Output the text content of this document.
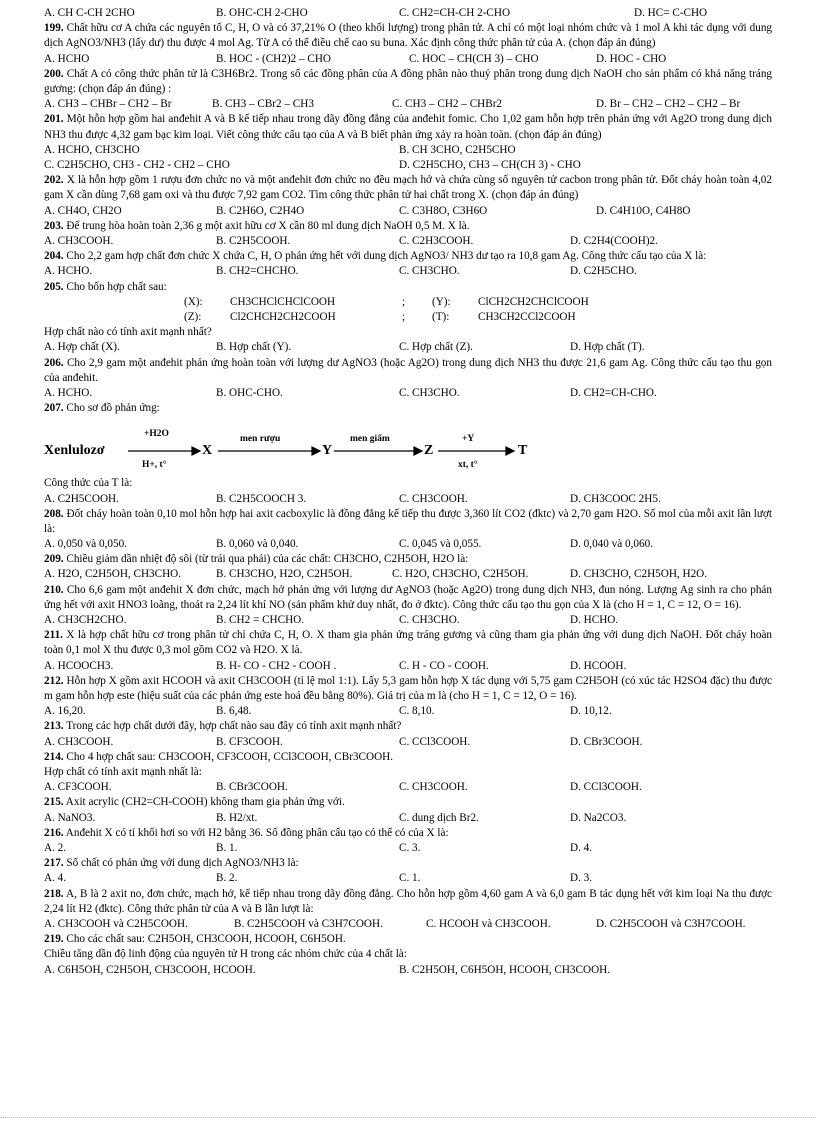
A. CH C-CH 2CHO	B. OHC-CH 2-CHO	C. CH2=CH-CH 2-CHO	D. HC= C-CHO

199. Chất hữu cơ A chứa các nguyên tố C, H, O và có 37,21% O (theo khối lượng) trong phân tử. A chỉ có một loại nhóm chức và 1 mol A khi tác dụng với dung dịch AgNO3/NH3 (lấy dư) thu được 4 mol Ag. Từ A có thể điều chế cao su buna. Xác định công thức phân tử của A. (chọn đáp án đúng)

A. HCHO	B. HOC - (CH2)2 – CHO	C. HOC – CH(CH 3) – CHO	D. HOC - CHO

200. Chất A có công thức phân tử là C3H6Br2. Trong số các đồng phân của A đồng phân nào thuỷ phân trong dung dịch NaOH cho sản phẩm có khả năng tráng gương: (chọn đáp án đúng) :

A. CH3 – CHBr – CH2 – Br	B. CH3 – CBr2 – CH3	C. CH3 – CH2 – CHBr2	D. Br – CH2 – CH2 – CH2 – Br

201. Một hỗn hợp gồm hai anđehit A và B kế tiếp nhau trong dãy đồng đẳng của anđehit fomic. Cho 1,02 gam hỗn hợp trên phản ứng với Ag2O trong dung dịch NH3 thu được 4,32 gam bạc kim loại. Viết công thức cấu tạo của A và B biết phản ứng xảy ra hoàn toàn. (chọn đáp án đúng)

A. HCHO, CH3CHO	B. CH 3CHO, C2H5CHO
C. C2H5CHO, CH3 - CH2 - CH2 – CHO	D. C2H5CHO, CH3 – CH(CH 3) - CHO

202. X là hỗn hợp gồm 1 rượu đơn chức no và một anđehit đơn chức no đều mạch hở và chứa cùng số nguyên tử cacbon trong phân tử. Đốt cháy hoàn toàn 4,02 gam X cần dùng 7,68 gam oxi và thu được 7,92 gam CO2. Tìm công thức phân tử hai chất trong X. (chọn đáp án đúng)

A. CH4O, CH2O	B. C2H6O, C2H4O	C. C3H8O, C3H6O	D. C4H10O, C4H8O

203. Để trung hòa hoàn toàn 2,36 g một axit hữu cơ X cần 80 ml dung dịch NaOH 0,5 M. X là.

A. CH3COOH.	B. C2H5COOH.	C. C2H3COOH.	D. C2H4(COOH)2.

204. Cho 2,2 gam hợp chất đơn chức X chứa C, H, O phản ứng hết với dung dịch AgNO3/ NH3 dư tạo ra 10,8 gam Ag. Công thức cấu tạo của X là:

A. HCHO.	B. CH2=CHCHO.	C. CH3CHO.	D. C2H5CHO.

205. Cho bốn hợp chất sau:

(X): CH3CHClCHClCOOH	; (Y): ClCH2CH2CHClCOOH
(Z):	Cl2CHCH2CH2COOH	; (T):	CH3CH2CCl2COOH

Hợp chất nào có tính axit mạnh nhất?

A. Hợp chất (X).	B. Hợp chất (Y).	C. Hợp chất (Z).	D. Hợp chất (T).

206. Cho 2,9 gam một anđehit phản ứng hoàn toàn với lượng dư AgNO3 (hoặc Ag2O) trong dung dịch NH3 thu được 21,6 gam Ag. Công thức cấu tạo thu gọn của anđehit.

A. HCHO.	B. OHC-CHO.	C. CH3CHO.	D. CH2=CH-CHO.

207. Cho sơ đồ phản ứng:

Xenlulozơ	X	Y	Z	T
+H2O	men rượu	men giấm	+Y
H+, t°	xt, t°

Công thức của T là:

A. C2H5COOH.	B. C2H5COOCH 3.	C. CH3COOH.	D. CH3COOC 2H5.

208. Đốt cháy hoàn toàn 0,10 mol hỗn hợp hai axit cacboxylic là đồng đẳng kế tiếp thu được 3,360 lít CO2 (đktc) và 2,70 gam H2O. Số mol của mỗi axit lần lượt là:

A. 0,050 và 0,050.	B. 0,060 và 0,040.	C. 0,045 và 0,055.	D. 0,040 và 0,060.

209. Chiều giảm dần nhiệt độ sôi (từ trái qua phải) của các chất: CH3CHO, C2H5OH, H2O là:

A. H2O, C2H5OH, CH3CHO.	B. CH3CHO, H2O, C2H5OH.	C. H2O, CH3CHO, C2H5OH.	D. CH3CHO, C2H5OH, H2O.

210. Cho 6,6 gam một anđehit X đơn chức, mạch hở phản ứng với lượng dư AgNO3 (hoặc Ag2O) trong dung dịch NH3, đun nóng. Lượng Ag sinh ra cho phản ứng hết với axit HNO3 loãng, thoát ra 2,24 lít khí NO (sản phẩm khử duy nhất, đo ở đktc). Công thức cấu tạo thu gọn của X là (cho H = 1, C = 12, O = 16).

A. CH3CH2CHO.	B. CH2 = CHCHO.	C. CH3CHO.	D. HCHO.

211. X là hợp chất hữu cơ trong phân tử chỉ chứa C, H, O. X tham gia phản ứng tráng gương và cũng tham gia phản ứng với dung dịch NaOH. Đốt cháy hoàn toàn 0,1 mol X thu được 0,3 mol gồm CO2 và H2O. X là.

A. HCOOCH3.	B. H- CO - CH2 - COOH .	C. H - CO - COOH.	D. HCOOH.

212. Hỗn hợp X gồm axit HCOOH và axit CH3COOH (tỉ lệ mol 1:1). Lấy 5,3 gam hỗn hợp X tác dụng với 5,75 gam C2H5OH (có xúc tác H2SO4 đặc) thu được m gam hỗn hợp este (hiệu suất của các phản ứng este hoá đều bằng 80%). Giá trị của m là (cho H = 1, C = 12, O = 16).

A. 16,20.	B. 6,48.	C. 8,10.	D. 10,12.

213. Trong các hợp chất dưới đây, hợp chất nào sau đây có tính axit mạnh nhất?

A. CH3COOH.	B. CF3COOH.	C. CCl3COOH.	D. CBr3COOH.

214. Cho 4 hợp chất sau: CH3COOH, CF3COOH, CCl3COOH, CBr3COOH.

Hợp chất có tính axit mạnh nhất là:

A. CF3COOH.	B. CBr3COOH.	C. CH3COOH.	D. CCl3COOH.

215. Axit acrylic (CH2=CH-COOH) không tham gia phản ứng với.

A. NaNO3.	B. H2/xt.	C. dung dịch Br2.	D. Na2CO3.

216. Anđehit X có tỉ khối hơi so với H2 bằng 36. Số đồng phân cấu tạo có thể có của X là:

A. 2.	B. 1.	C. 3.	D. 4.

217. Số chất có phản ứng với dung dịch AgNO3/NH3 là:

A. 4.	B. 2.	C. 1.	D. 3.

218. A, B là 2 axit no, đơn chức, mạch hở, kế tiếp nhau trong dãy đồng đẳng. Cho hỗn hợp gồm 4,60 gam A và 6,0 gam B tác dụng hết với kim loại Na thu được 2,24 lít H2 (đktc). Công thức phân tử của A và B lần lượt là:

A. CH3COOH và C2H5COOH.	B. C2H5COOH và C3H7COOH.	C. HCOOH và CH3COOH.	D. C2H5COOH và C3H7COOH.

219. Cho các chất sau: C2H5OH, CH3COOH, HCOOH, C6H5OH.

Chiều tăng dần độ linh động của nguyên tử H trong các nhóm chức của 4 chất là:

A. C6H5OH, C2H5OH, CH3COOH, HCOOH.	B. C2H5OH, C6H5OH, HCOOH, CH3COOH.
